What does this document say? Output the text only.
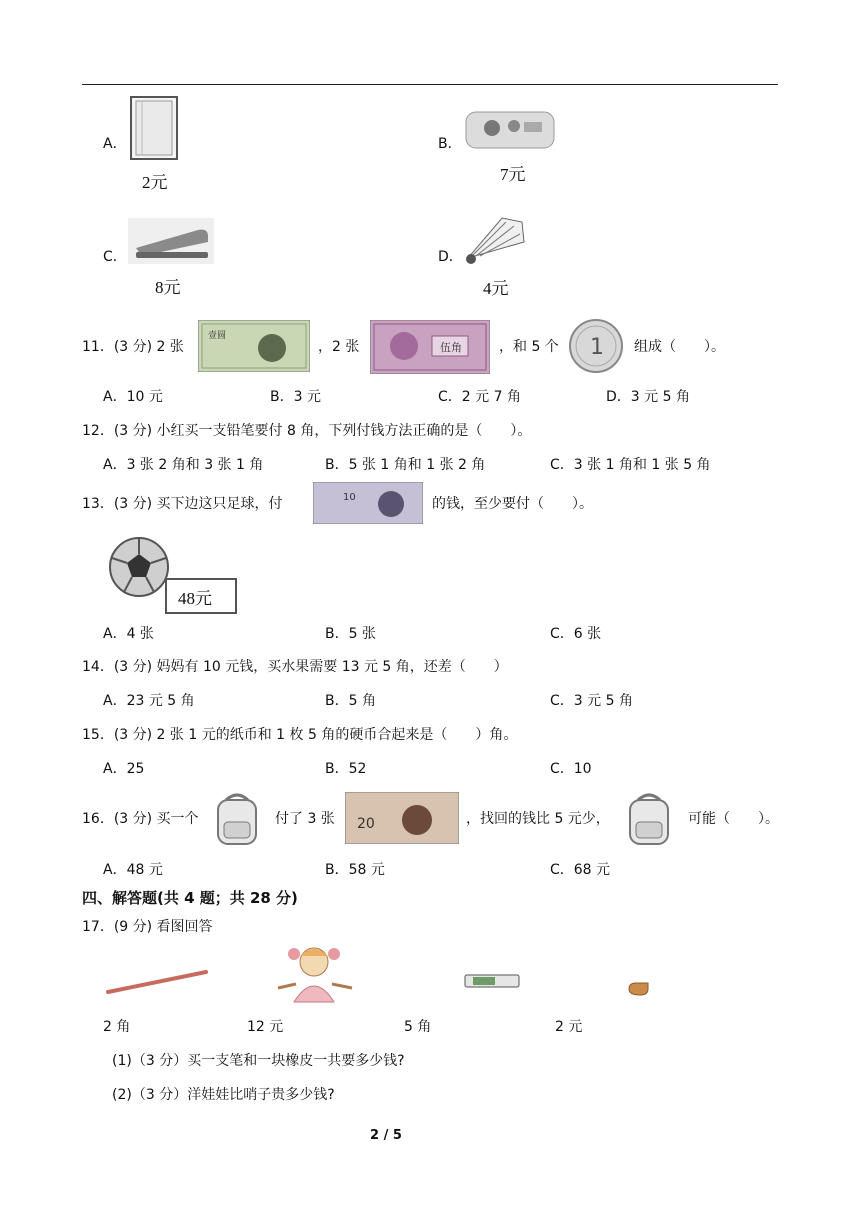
A．
2元
B．
7元
C．
8元
D．
4元
11．(3 分) 2 张
壹圆
，2 张	伍角	，和 5 个 1 组成（　　）。
A．10 元	B．3 元	C．2 元 7 角	D．3 元 5 角
12．(3 分) 小红买一支铅笔要付 8 角，下列付钱方法正确的是（　　）。
A．3 张 2 角和 3 张 1 角	B．5 张 1 角和 1 张 2 角	C．3 张 1 角和 1 张 5 角
13．(3 分) 买下边这只足球，付	10	的钱，至少要付（　　）。
48元
A．4 张	B．5 张	C．6 张
14．(3 分) 妈妈有 10 元钱，买水果需要 13 元 5 角，还差（　　）
A．23 元 5 角	B．5 角	C．3 元 5 角
15．(3 分) 2 张 1 元的纸币和 1 枚 5 角的硬币合起来是（　　）角。
A．25	B．52	C．10
16．(3 分) 买一个	付了 3 张 20	，找回的钱比 5 元少，	可能（　　）。
A．48 元	B．58 元	C．68 元
四、解答题(共 4 题；共 28 分)
17．(9 分) 看图回答
2 角	12 元	5 角	2 元
(1)（3 分）买一支笔和一块橡皮一共要多少钱?
(2)（3 分）洋娃娃比哨子贵多少钱?
2 / 5
